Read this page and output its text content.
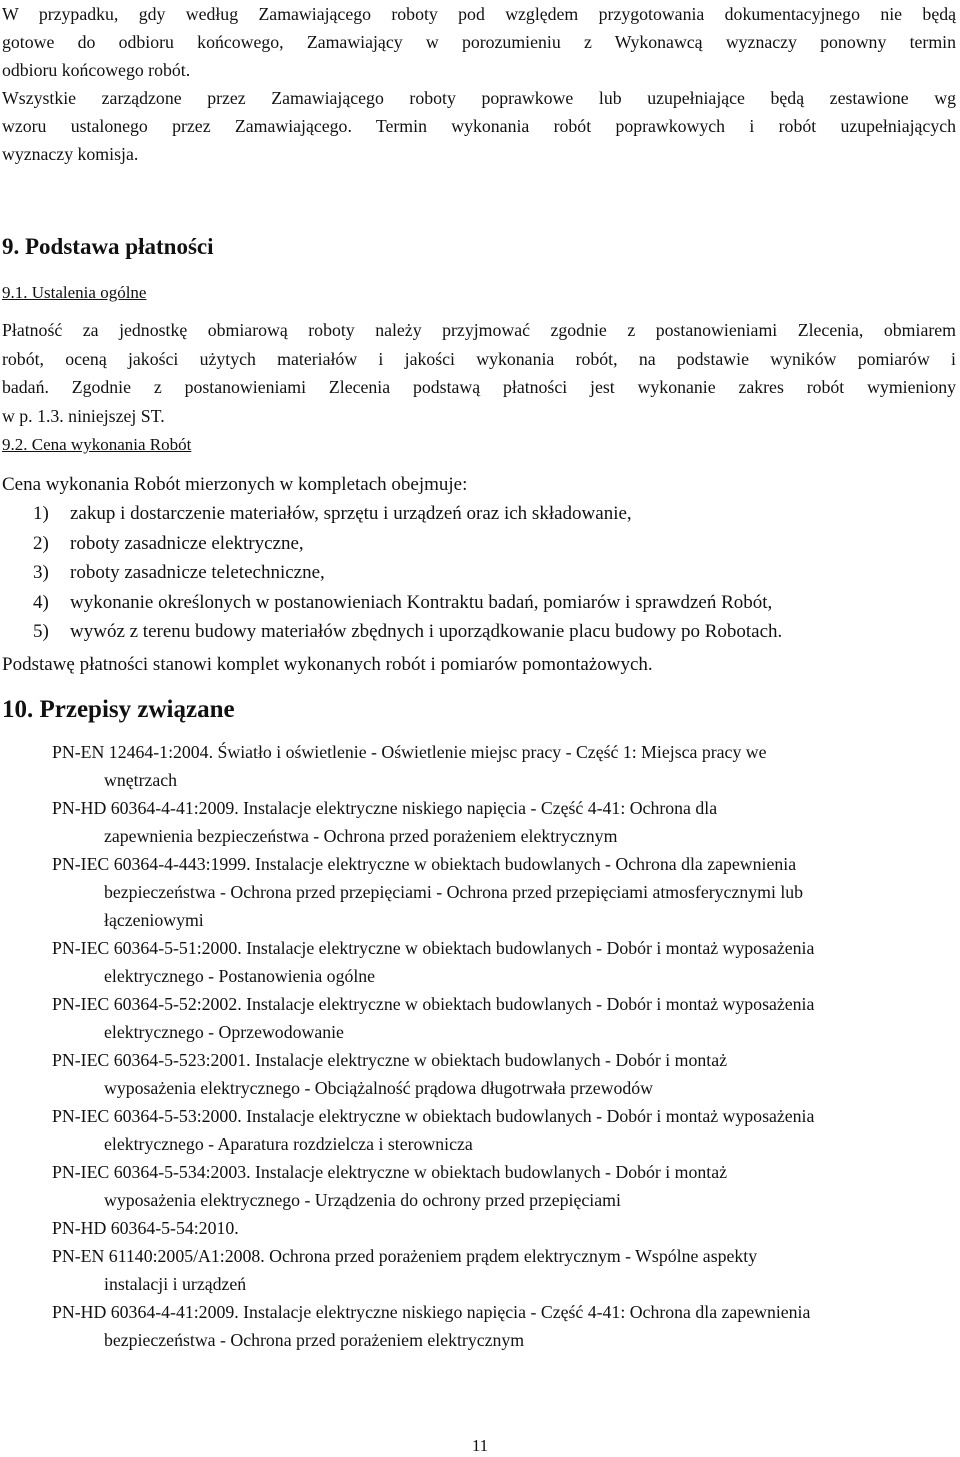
W przypadku, gdy według Zamawiającego roboty pod względem przygotowania dokumentacyjnego nie będą
gotowe do odbioru końcowego, Zamawiający w porozumieniu z Wykonawcą wyznaczy ponowny termin
odbioru końcowego robót.
Wszystkie zarządzone przez Zamawiającego roboty poprawkowe lub uzupełniające będą zestawione wg
wzoru ustalonego przez Zamawiającego. Termin wykonania robót poprawkowych i robót uzupełniających
wyznaczy komisja.
9. Podstawa płatności
9.1. Ustalenia ogólne
Płatność za jednostkę obmiarową roboty należy przyjmować zgodnie z postanowieniami Zlecenia, obmiarem
robót, oceną jakości użytych materiałów i jakości wykonania robót, na podstawie wyników pomiarów i
badań. Zgodnie z postanowieniami Zlecenia podstawą płatności jest wykonanie zakres robót wymieniony
w p. 1.3. niniejszej ST.
9.2. Cena wykonania Robót
Cena wykonania Robót mierzonych w kompletach obejmuje:
1) zakup i dostarczenie materiałów, sprzętu i urządzeń oraz ich składowanie,
2) roboty zasadnicze elektryczne,
3) roboty zasadnicze teletechniczne,
4) wykonanie określonych w postanowieniach Kontraktu badań, pomiarów i sprawdzeń Robót,
5) wywóz z terenu budowy materiałów zbędnych i uporządkowanie placu budowy po Robotach.
Podstawę płatności stanowi komplet wykonanych robót i pomiarów pomontażowych.
10. Przepisy związane
PN-EN 12464-1:2004. Światło i oświetlenie - Oświetlenie miejsc pracy - Część 1: Miejsca pracy we
wnętrzach
PN-HD 60364-4-41:2009. Instalacje elektryczne niskiego napięcia - Część 4-41: Ochrona dla
zapewnienia bezpieczeństwa - Ochrona przed porażeniem elektrycznym
PN-IEC 60364-4-443:1999. Instalacje elektryczne w obiektach budowlanych - Ochrona dla zapewnienia
bezpieczeństwa - Ochrona przed przepięciami - Ochrona przed przepięciami atmosferycznymi lub
łączeniowymi
PN-IEC 60364-5-51:2000. Instalacje elektryczne w obiektach budowlanych - Dobór i montaż wyposażenia
elektrycznego - Postanowienia ogólne
PN-IEC 60364-5-52:2002. Instalacje elektryczne w obiektach budowlanych - Dobór i montaż wyposażenia
elektrycznego - Oprzewodowanie
PN-IEC 60364-5-523:2001. Instalacje elektryczne w obiektach budowlanych - Dobór i montaż
wyposażenia elektrycznego - Obciążalność prądowa długotrwała przewodów
PN-IEC 60364-5-53:2000. Instalacje elektryczne w obiektach budowlanych - Dobór i montaż wyposażenia
elektrycznego - Aparatura rozdzielcza i sterownicza
PN-IEC 60364-5-534:2003. Instalacje elektryczne w obiektach budowlanych - Dobór i montaż
wyposażenia elektrycznego - Urządzenia do ochrony przed przepięciami
PN-HD 60364-5-54:2010.
PN-EN 61140:2005/A1:2008. Ochrona przed porażeniem prądem elektrycznym - Wspólne aspekty
instalacji i urządzeń
PN-HD 60364-4-41:2009. Instalacje elektryczne niskiego napięcia - Część 4-41: Ochrona dla zapewnienia
bezpieczeństwa - Ochrona przed porażeniem elektrycznym
11
